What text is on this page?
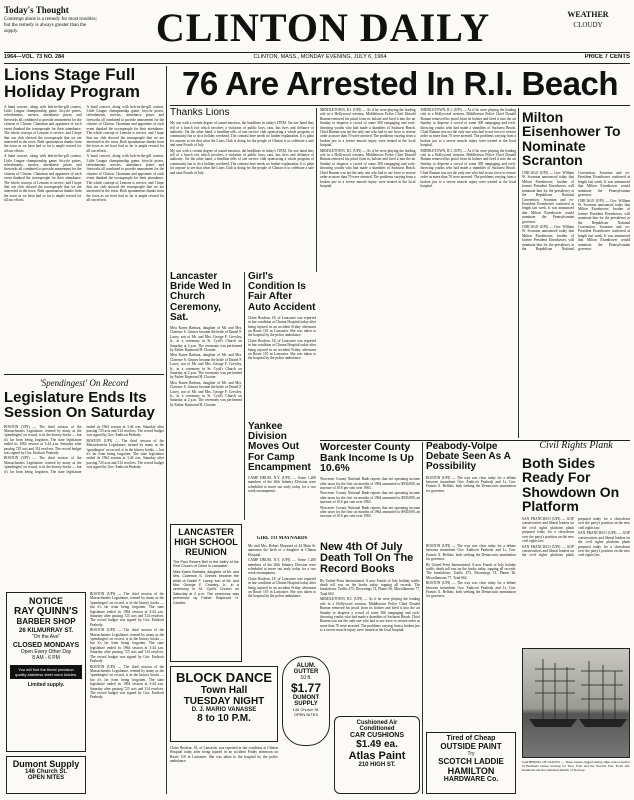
Today's Thought
Contempt alone is a remedy for most troubles; but the remedy is always greater than the supply.	CLINTON DAILY	WEATHER
CLOUDY
1964—VOL. 73 NO. 284	CLINTON, MASS., MONDAY EVENING, JULY 6, 1964	PRICE 7 CENTS
Lions Stage Full Holiday Program

A band concert, along with bob-in-the-gill contest, Little League championship game, bicycle prizes, refreshments, movies, attendance prizes and fireworks all combined to provide amusement for the citizens of Clinton. Chairman and appointee of each event thanked the townspeople for their attendance. The whole concept of Lemons is service, and I hope that our club showed the townspeople that we are interested in the town. Both spontaneous thanks from the town as we have had so far is ample reward for all our efforts.

A band concert, along with bob-in-the-gill contest, Little League championship game, bicycle prizes, refreshments, movies, attendance prizes and fireworks all combined to provide amusement for the citizens of Clinton. Chairman and appointee of each event thanked the townspeople for their attendance. The whole concept of Lemons is service, and I hope that our club showed the townspeople that we are interested in the town. Both spontaneous thanks from the town as we have had so far is ample reward for all our efforts.

A band concert, along with bob-in-the-gill contest, Little League championship game, bicycle prizes, refreshments, movies, attendance prizes and fireworks all combined to provide amusement for the citizens of Clinton. Chairman and appointee of each event thanked the townspeople for their attendance. The whole concept of Lemons is service, and I hope that our club showed the townspeople that we are interested in the town. Both spontaneous thanks from the town as we have had so far is ample reward for all our efforts.

A band concert, along with bob-in-the-gill contest, Little League championship game, bicycle prizes, refreshments, movies, attendance prizes and fireworks all combined to provide amusement for the citizens of Clinton. Chairman and appointee of each event thanked the townspeople for their attendance. The whole concept of Lemons is service, and I hope that our club showed the townspeople that we are interested in the town. Both spontaneous thanks from the town as we have had so far is ample reward for all our efforts.

76 Are Arrested In R.I. Beach
Thanks Lions

My son with a certain degree of sound emotion, the headlines in today's ITEM. On one hand they tell of a beach riot which involves a violation of public laws, rain, bus fires and defiance of authority. On the other hand, a headline tells of one service club sponsoring a whole program of community fun to do a holiday weekend. The contrast here needs no further explanation. It is plain for anyone to see that what the Lions Club is doing for the people of Clinton is to celebrate a safe and sane Fourth of July.

My son with a certain degree of sound emotion, the headlines in today's ITEM. On one hand they tell of a beach riot which involves a violation of public laws, rain, bus fires and defiance of authority. On the other hand, a headline tells of one service club sponsoring a whole program of community fun to do a holiday weekend. The contrast here needs no further explanation. It is plain for anyone to see that what the Lions Club is doing for the people of Clinton is to celebrate a safe and sane Fourth of July.

MIDDLETOWN, R.I. (UPI) — As if he were playing the leading role in a Hollywood western, Middletown Police Chief Donald Ruman removed his pistol from its holster and fired it into the air Sunday to disperse a crowd of some 300 rampaging and rock-throwing youths who had made a shambles of Sachuest Beach. Chief Ruman was not the only one who had to use force to restore order as more than 70 were arrested. The problems varying from a broken jaw to a severe muscle injury were treated at the local hospital.

MIDDLETOWN, R.I. (UPI) — As if he were playing the leading role in a Hollywood western, Middletown Police Chief Donald Ruman removed his pistol from its holster and fired it into the air Sunday to disperse a crowd of some 300 rampaging and rock-throwing youths who had made a shambles of Sachuest Beach. Chief Ruman was not the only one who had to use force to restore order as more than 70 were arrested. The problems varying from a broken jaw to a severe muscle injury were treated at the local hospital.

MIDDLETOWN, R.I. (UPI) — As if he were playing the leading role in a Hollywood western, Middletown Police Chief Donald Ruman removed his pistol from its holster and fired it into the air Sunday to disperse a crowd of some 300 rampaging and rock-throwing youths who had made a shambles of Sachuest Beach. Chief Ruman was not the only one who had to use force to restore order as more than 70 were arrested. The problems varying from a broken jaw to a severe muscle injury were treated at the local hospital.

MIDDLETOWN, R.I. (UPI) — As if he were playing the leading role in a Hollywood western, Middletown Police Chief Donald Ruman removed his pistol from its holster and fired it into the air Sunday to disperse a crowd of some 300 rampaging and rock-throwing youths who had made a shambles of Sachuest Beach. Chief Ruman was not the only one who had to use force to restore order as more than 70 were arrested. The problems varying from a broken jaw to a severe muscle injury were treated at the local hospital.

Milton Eisenhower To Nominate Scranton

CHICAGO (UPI) — Gov. William W. Scranton announced today that Milton Eisenhower, brother of former President Eisenhower, will nominate him for the presidency at the Republican National Convention. Scranton and ex-President Eisenhower conferred at length last week. It was announced that Milton Eisenhower would nominate the Pennsylvanian governor.

CHICAGO (UPI) — Gov. William W. Scranton announced today that Milton Eisenhower, brother of former President Eisenhower, will nominate him for the presidency at the Republican National Convention. Scranton and ex-President Eisenhower conferred at length last week. It was announced that Milton Eisenhower would nominate the Pennsylvanian governor.

CHICAGO (UPI) — Gov. William W. Scranton announced today that Milton Eisenhower, brother of former President Eisenhower, will nominate him for the presidency at the Republican National Convention. Scranton and ex-President Eisenhower conferred at length last week. It was announced that Milton Eisenhower would nominate the Pennsylvanian governor.

Lancaster Bride Wed In Church Ceremony, Sat.

Miss Karen Barbara, daughter of Mr. and Mrs. Clarence S. Grimes became the bride of Daniel F. Lacey, son of Mr. and Mrs. George F. Crowley, Jr., in a ceremony in St. Cyril's Church on Saturday at 2 p.m. The ceremony was performed by Father Raymond H. Cloutier.

Miss Karen Barbara, daughter of Mr. and Mrs. Clarence S. Grimes became the bride of Daniel F. Lacey, son of Mr. and Mrs. George F. Crowley, Jr., in a ceremony in St. Cyril's Church on Saturday at 2 p.m. The ceremony was performed by Father Raymond H. Cloutier.

Miss Karen Barbara, daughter of Mr. and Mrs. Clarence S. Grimes became the bride of Daniel F. Lacey, son of Mr. and Mrs. George F. Crowley, Jr., in a ceremony in St. Cyril's Church on Saturday at 2 p.m. The ceremony was performed by Father Raymond H. Cloutier.

Girl's Condition Is Fair After Auto Accident

Claire Brodeur, 18, of Lancaster was reported in fair condition at Clinton Hospital today after being injured in an accident Friday afternoon on Route 110 in Lancaster. She was taken to the hospital by the police ambulance.

Claire Brodeur, 18, of Lancaster was reported in fair condition at Clinton Hospital today after being injured in an accident Friday afternoon on Route 110 in Lancaster. She was taken to the hospital by the police ambulance.

Yankee Division Moves Out For Camp Encampment

CAMP DRUM, N.Y. (UPI) — Some 1,200 members of the 26th Infantry Division were scheduled to move out early today for a two week encampment.

'Spendingest' On Record
Legislature Ends Its Session On Saturday

BOSTON (UPI) — The third session of the Massachusetts Legislature, termed by many as the 'spendingest' on record, is in the history books — but it's far from being forgotten. The state legislature ended its 1964 session at 3:44 a.m. Saturday after passing 725 acts and 314 resolves. The record budget was signed by Gov. Endicott Peabody.

BOSTON (UPI) — The third session of the Massachusetts Legislature, termed by many as the 'spendingest' on record, is in the history books — but it's far from being forgotten. The state legislature ended its 1964 session at 3:44 a.m. Saturday after passing 725 acts and 314 resolves. The record budget was signed by Gov. Endicott Peabody.

BOSTON (UPI) — The third session of the Massachusetts Legislature, termed by many as the 'spendingest' on record, is in the history books — but it's far from being forgotten. The state legislature ended its 1964 session at 3:44 a.m. Saturday after passing 725 acts and 314 resolves. The record budget was signed by Gov. Endicott Peabody.

NOTICE
RAY QUINN'S
BARBER SHOP
26 KILMURRAY ST.
"On the Ave"
CLOSED MONDAYS
Open Every Other Day
8 AM - 6 PM
You will find the finest precision quality stainless steel razor blades.
Limited supply.
Dumont Supply
146 Church St.
OPEN NITES

BOSTON (UPI) — The third session of the Massachusetts Legislature, termed by many as the 'spendingest' on record, is in the history books — but it's far from being forgotten. The state legislature ended its 1964 session at 3:44 a.m. Saturday after passing 725 acts and 314 resolves. The record budget was signed by Gov. Endicott Peabody.

BOSTON (UPI) — The third session of the Massachusetts Legislature, termed by many as the 'spendingest' on record, is in the history books — but it's far from being forgotten. The state legislature ended its 1964 session at 3:44 a.m. Saturday after passing 725 acts and 314 resolves. The record budget was signed by Gov. Endicott Peabody.

BOSTON (UPI) — The third session of the Massachusetts Legislature, termed by many as the 'spendingest' on record, is in the history books — but it's far from being forgotten. The state legislature ended its 1964 session at 3:44 a.m. Saturday after passing 725 acts and 314 resolves. The record budget was signed by Gov. Endicott Peabody.

LANCASTER
HIGH SCHOOL
REUNION

The Paul Revere Bell in the belfry of the First Church of Christ in Lancaster

Miss Karen Barbara, daughter of Mr. and Mrs. Clarence S. Grimes became the bride of Daniel F. Lacey, son of Mr. and Mrs. George F. Crowley, Jr., in a ceremony in St. Cyril's Church on Saturday at 2 p.m. The ceremony was performed by Father Raymond H. Cloutier.

BLOCK DANCE
Town Hall
TUESDAY NIGHT
D. J. MARIO VANASSE
8 to 10 P.M.

Claire Brodeur, 18, of Lancaster was reported in fair condition at Clinton Hospital today after being injured in an accident Friday afternoon on Route 110 in Lancaster. She was taken to the hospital by the police ambulance.

ALUM.
GUTTER
10 ft.
$1.77
DUMONT
SUPPLY
146 Church St.
OPEN NITES
Worcester County Bank Income Is Up 10.6%

Worcester County National Bank reports that net operating income after taxes for the first six months of 1964 amounted to $930,000, an increase of 10.6 per cent over 1963.

Worcester County National Bank reports that net operating income after taxes for the first six months of 1964 amounted to $930,000, an increase of 10.6 per cent over 1963.

Worcester County National Bank reports that net operating income after taxes for the first six months of 1964 amounted to $930,000, an increase of 10.6 per cent over 1963.

Peabody-Volpe Debate Seen As A Possibility

BOSTON (UPI) — The way was clear today for a debate between incumbent Gov. Endicott Peabody and Lt. Gov. Francis X. Bellotti, both seeking the Democratic nomination for governor.

New 4th Of July Death Toll On The Record Books

By United Press International. A new Fourth of July holiday traffic death toll was on the books today, topping all records. The breakdown: Traffic 475, Drownings 74, Planes 36, Miscellaneous 77, Total 662.

MIDDLETOWN, R.I. (UPI) — As if he were playing the leading role in a Hollywood western, Middletown Police Chief Donald Ruman removed his pistol from its holster and fired it into the air Sunday to disperse a crowd of some 300 rampaging and rock-throwing youths who had made a shambles of Sachuest Beach. Chief Ruman was not the only one who had to use force to restore order as more than 70 were arrested. The problems varying from a broken jaw to a severe muscle injury were treated at the local hospital.

BOSTON (UPI) — The way was clear today for a debate between incumbent Gov. Endicott Peabody and Lt. Gov. Francis X. Bellotti, both seeking the Democratic nomination for governor.

By United Press International. A new Fourth of July holiday traffic death toll was on the books today, topping all records. The breakdown: Traffic 475, Drownings 74, Planes 36, Miscellaneous 77, Total 662.

BOSTON (UPI) — The way was clear today for a debate between incumbent Gov. Endicott Peabody and Lt. Gov. Francis X. Bellotti, both seeking the Democratic nomination for governor.

Cushioned Air
Conditioned
CAR CUSHIONS
$1.49 ea.
Atlas Paint
210 HIGH ST.
Civil Rights Plank
Both Sides Ready For Showdown On Platform

SAN FRANCISCO (UPI) — GOP conservatives and liberal leaders on the civil rights platform plank prepared today for a showdown over the party's position on the new civil rights law.

SAN FRANCISCO (UPI) — GOP conservatives and liberal leaders on the civil rights platform plank prepared today for a showdown over the party's position on the new civil rights law.

SAN FRANCISCO (UPI) — GOP conservatives and liberal leaders on the civil rights platform plank prepared today for a showdown over the party's position on the new civil rights law.

Tired of Cheap
OUTSIDE PAINT
Try
SCOTCH LADDIE
HAMILTON
HARDWARE Co.

GATHERING OF GIANTS — Three square-rigged sailing ships ride at anchor in Bermuda before leaving for New York and the World's Fair. From left, Danmark and the Christian Radich of Norway.

GIRL TO MAYNARDS

Mr. and Mrs. Robert Maynard of 44 Main St. announce the birth of a daughter at Clinton Hospital.

CAMP DRUM, N.Y. (UPI) — Some 1,200 members of the 26th Infantry Division were scheduled to move out early today for a two week encampment.

Claire Brodeur, 18, of Lancaster was reported in fair condition at Clinton Hospital today after being injured in an accident Friday afternoon on Route 110 in Lancaster. She was taken to the hospital by the police ambulance.
